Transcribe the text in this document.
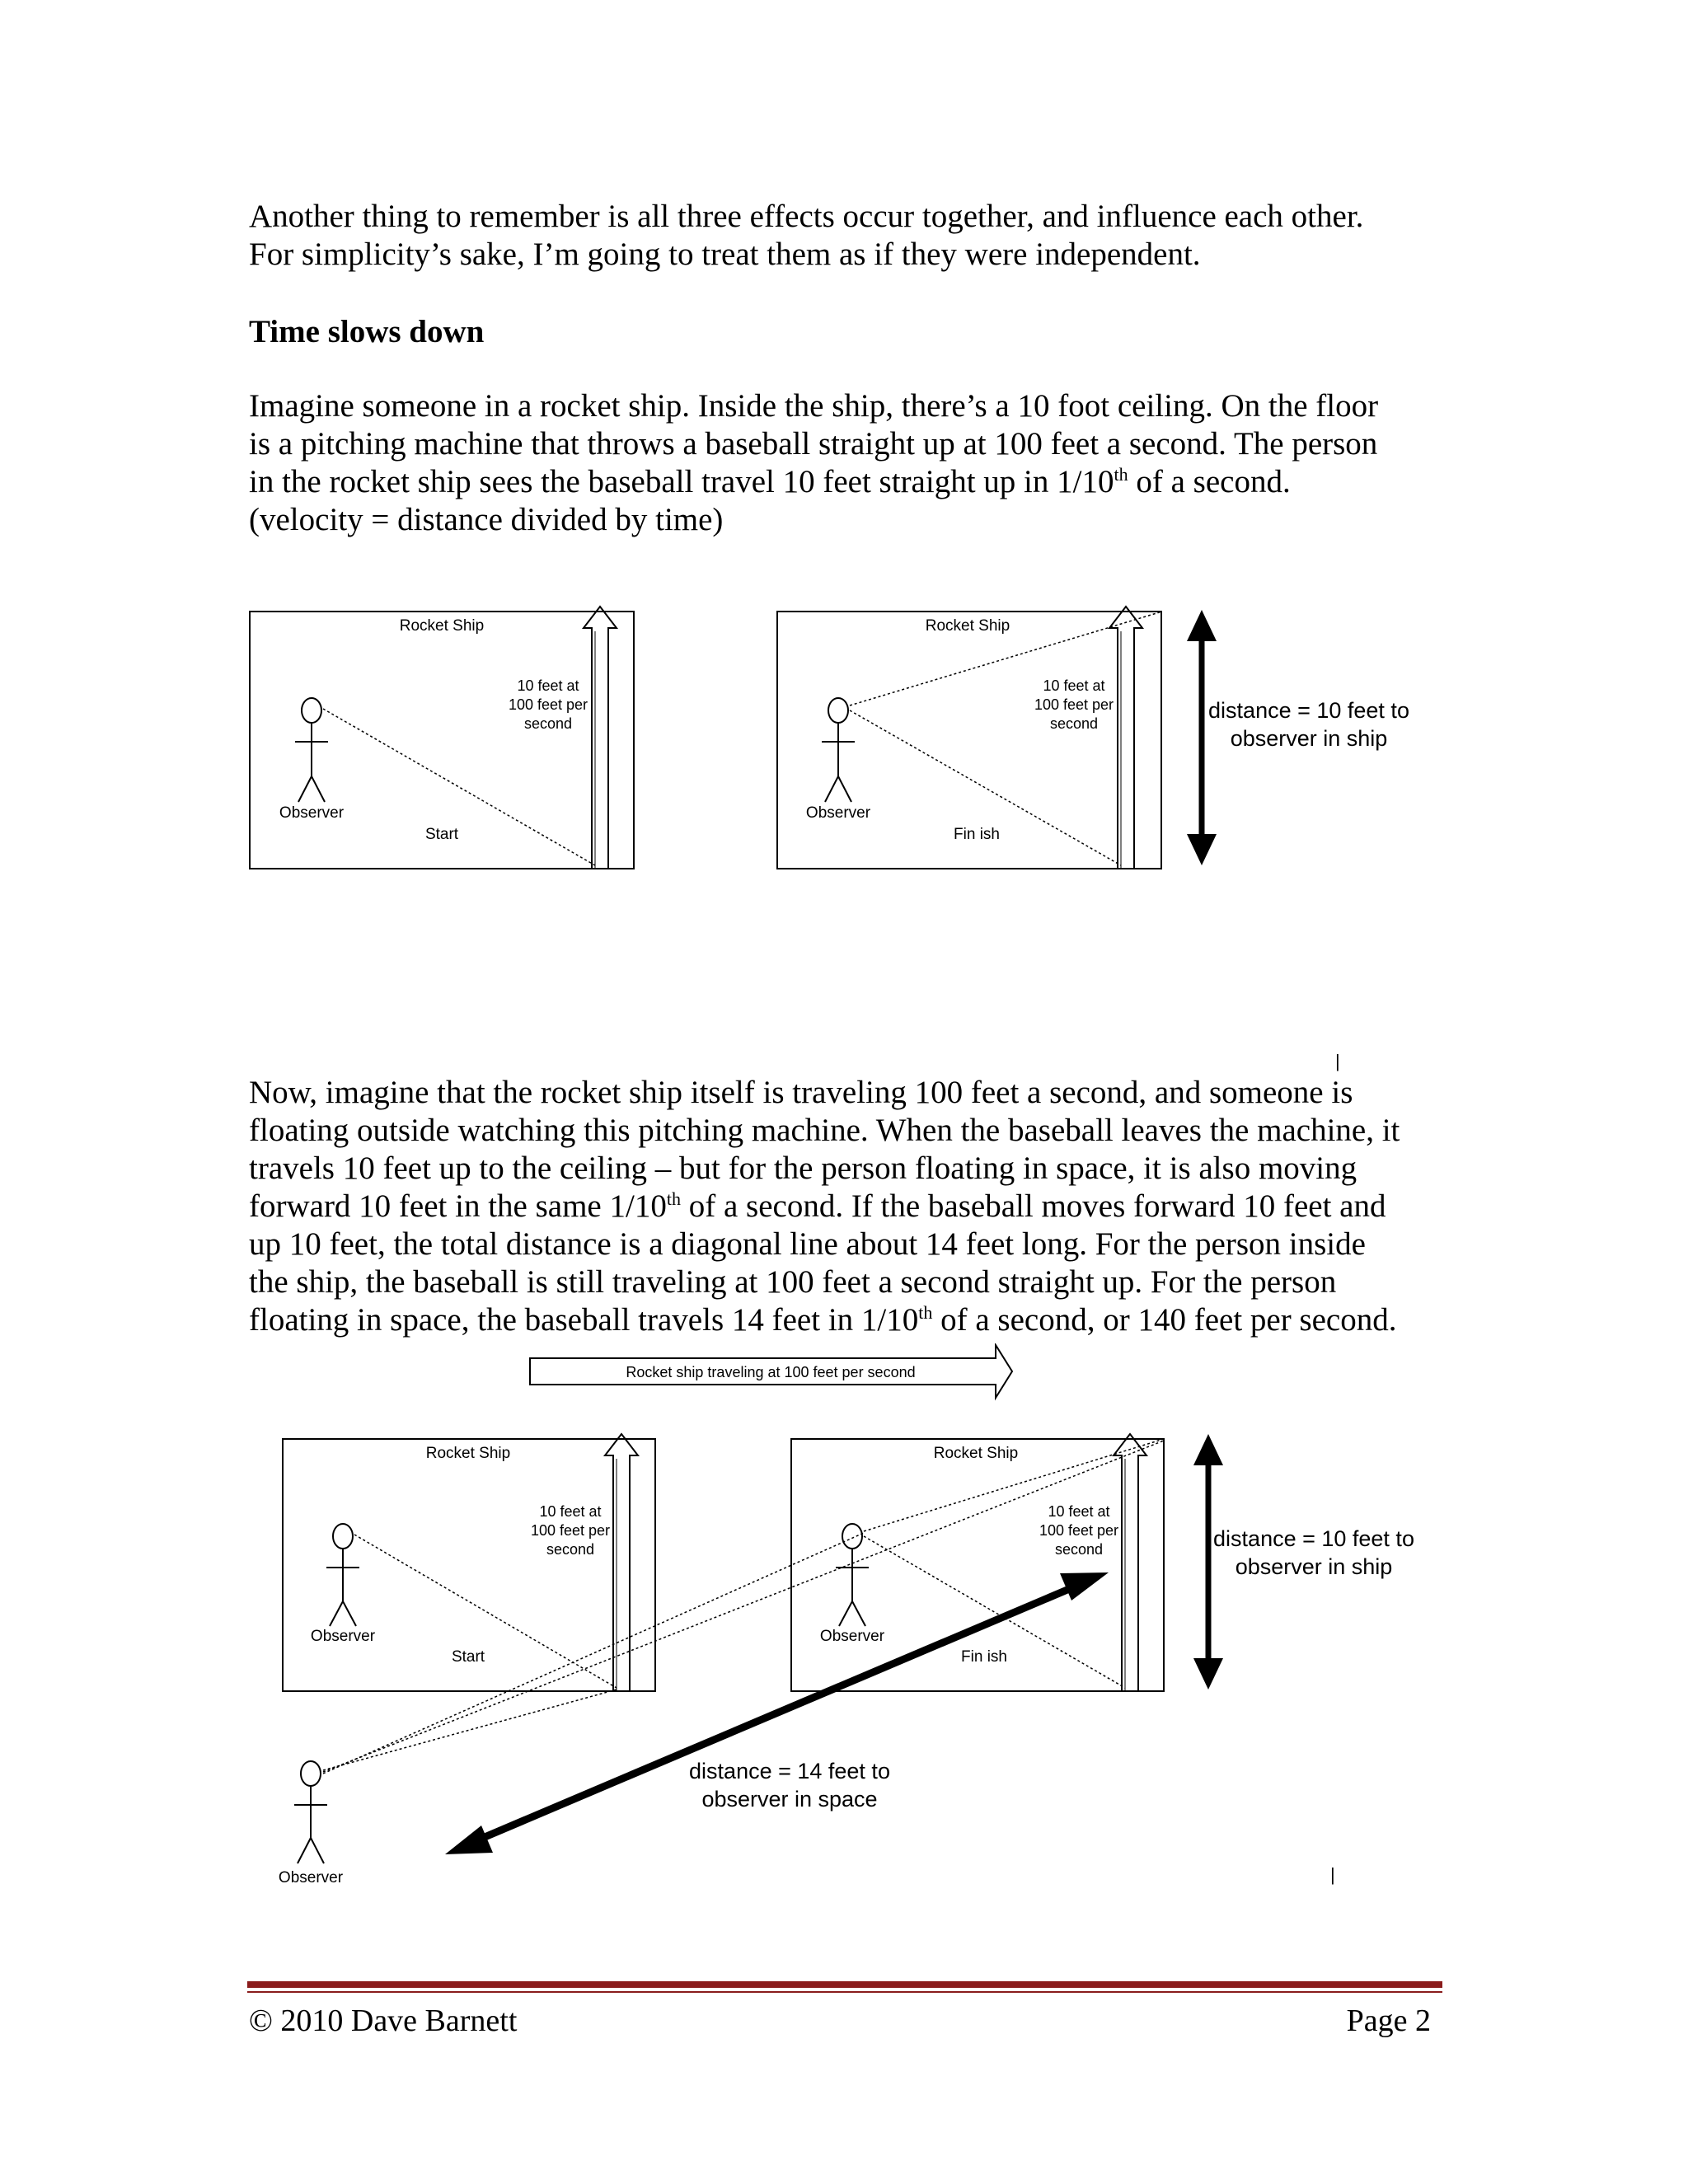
Another thing to remember is all three effects occur together, and influence each other.
For simplicity’s sake, I’m going to treat them as if they were independent.
Time slows down
Imagine someone in a rocket ship. Inside the ship, there’s a 10 foot ceiling. On the floor
is a pitching machine that throws a baseball straight up at 100 feet a second. The person
in the rocket ship sees the baseball travel 10 feet straight up in 1/10th of a second.
(velocity = distance divided by time)
Rocket Ship
10 feet at
100 feet per
second
Observer
Start
Rocket Ship
10 feet at
100 feet per
second
Observer
Fin ish
distance = 10 feet to
observer in ship
|
Now, imagine that the rocket ship itself is traveling 100 feet a second, and someone is
floating outside watching this pitching machine. When the baseball leaves the machine, it
travels 10 feet up to the ceiling – but for the person floating in space, it is also moving
forward 10 feet in the same 1/10th of a second. If the baseball moves forward 10 feet and
up 10 feet, the total distance is a diagonal line about 14 feet long. For the person inside
the ship, the baseball is still traveling at 100 feet a second straight up. For the person
floating in space, the baseball travels 14 feet in 1/10th of a second, or 140 feet per second.
Rocket ship traveling at 100 feet per second
Rocket Ship
10 feet at
100 feet per
second
Observer
Start
Rocket Ship
10 feet at
100 feet per
second
Observer
Fin ish
Observer
distance = 14 feet to
observer in space
distance = 10 feet to
observer in ship
|
© 2010 Dave Barnett	Page 2
